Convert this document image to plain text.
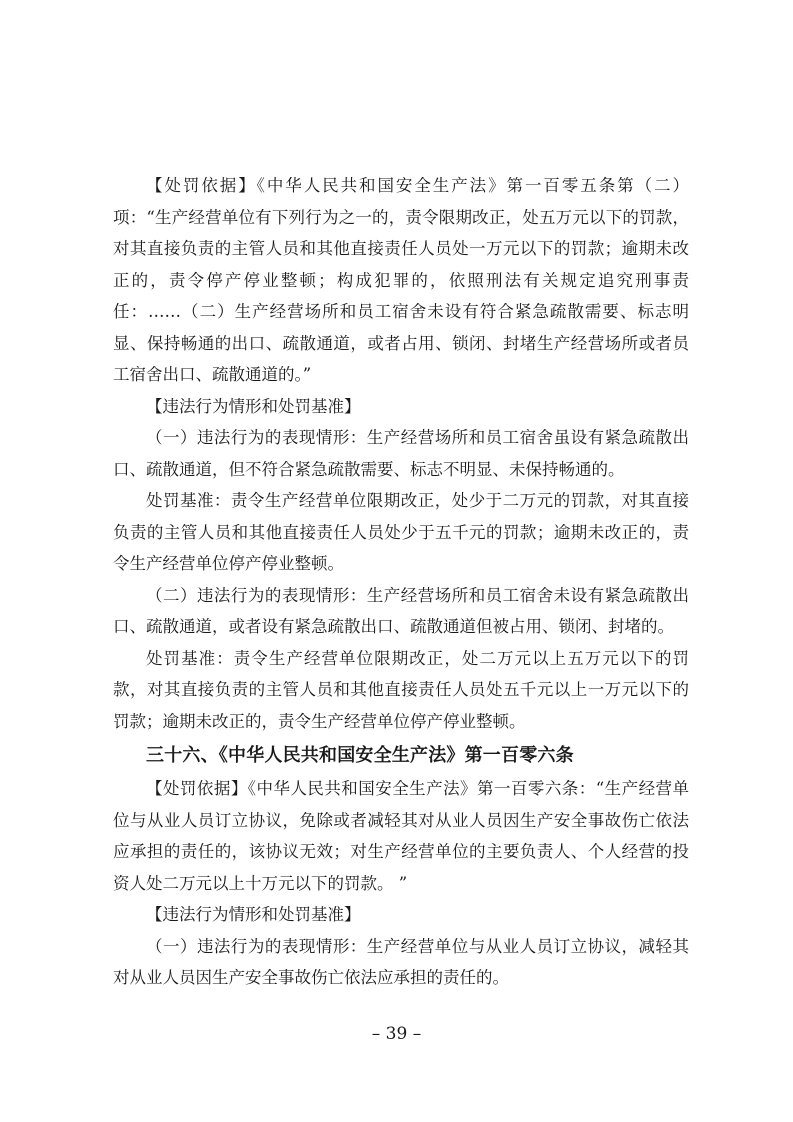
【处罚依据】《中华人民共和国安全生产法》第一百零五条第（二）项：“生产经营单位有下列行为之一的，责令限期改正，处五万元以下的罚款，对其直接负责的主管人员和其他直接责任人员处一万元以下的罚款；逾期未改正的，责令停产停业整顿；构成犯罪的，依照刑法有关规定追究刑事责任：……（二）生产经营场所和员工宿舍未设有符合紧急疏散需要、标志明显、保持畅通的出口、疏散通道，或者占用、锁闭、封堵生产经营场所或者员工宿舍出口、疏散通道的。”

【违法行为情形和处罚基准】

（一）违法行为的表现情形：生产经营场所和员工宿舍虽设有紧急疏散出口、疏散通道，但不符合紧急疏散需要、标志不明显、未保持畅通的。

处罚基准：责令生产经营单位限期改正，处少于二万元的罚款，对其直接负责的主管人员和其他直接责任人员处少于五千元的罚款；逾期未改正的，责令生产经营单位停产停业整顿。

（二）违法行为的表现情形：生产经营场所和员工宿舍未设有紧急疏散出口、疏散通道，或者设有紧急疏散出口、疏散通道但被占用、锁闭、封堵的。

处罚基准：责令生产经营单位限期改正，处二万元以上五万元以下的罚款，对其直接负责的主管人员和其他直接责任人员处五千元以上一万元以下的罚款；逾期未改正的，责令生产经营单位停产停业整顿。

三十六、《中华人民共和国安全生产法》第一百零六条

【处罚依据】《中华人民共和国安全生产法》第一百零六条：“生产经营单位与从业人员订立协议，免除或者减轻其对从业人员因生产安全事故伤亡依法应承担的责任的，该协议无效；对生产经营单位的主要负责人、个人经营的投资人处二万元以上十万元以下的罚款。 ”

【违法行为情形和处罚基准】

（一）违法行为的表现情形：生产经营单位与从业人员订立协议，减轻其对从业人员因生产安全事故伤亡依法应承担的责任的。

– 39 –
